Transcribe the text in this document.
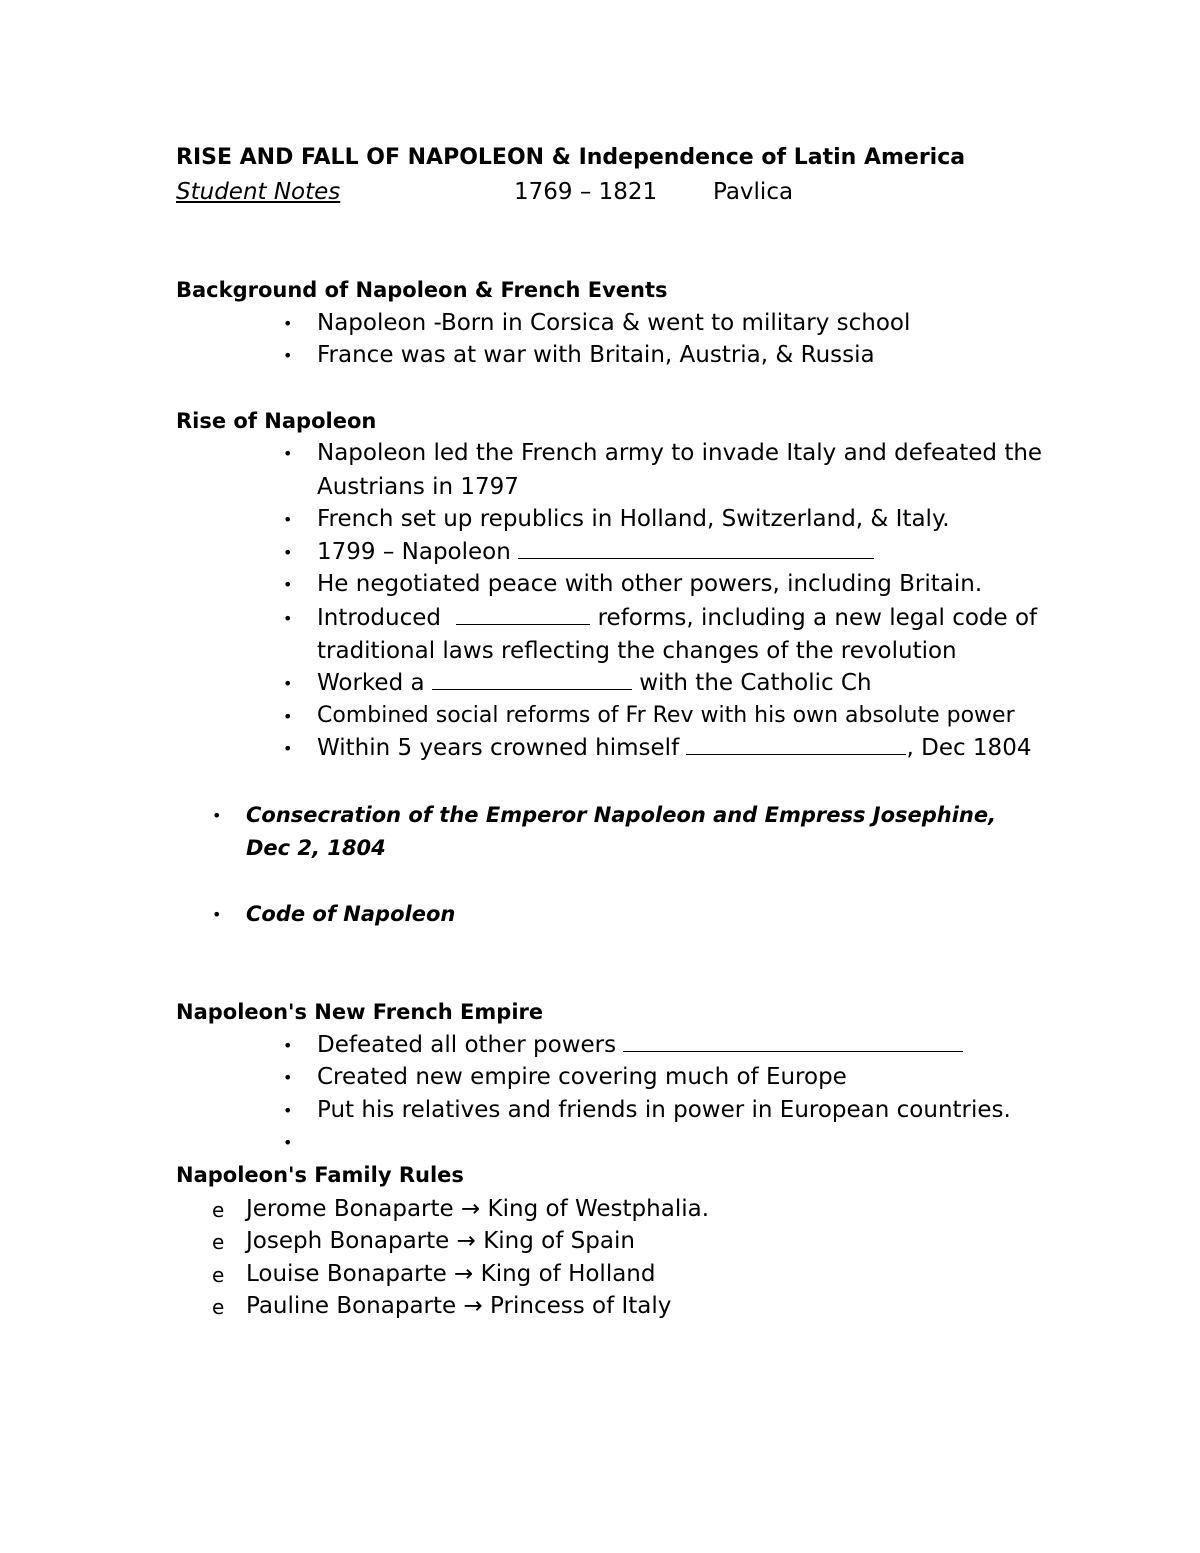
RISE AND FALL OF NAPOLEON & Independence of Latin America
Student Notes	1769 – 1821 Pavlica
Background of Napoleon & French Events
• Napoleon -Born in Corsica & went to military school
• France was at war with Britain, Austria, & Russia
Rise of Napoleon
• Napoleon led the French army to invade Italy and defeated the
Austrians in 1797
• French set up republics in Holland, Switzerland, & Italy.
• 1799 – Napoleon
• He negotiated peace with other powers, including Britain.
• Introduced	reforms, including a new legal code of
traditional laws reflecting the changes of the revolution
• Worked a	with the Catholic Ch
• Combined social reforms of Fr Rev with his own absolute power
• Within 5 years crowned himself	, Dec 1804
• Consecration of the Emperor Napoleon and Empress Josephine,
Dec 2, 1804
• Code of Napoleon
Napoleon's New French Empire
• Defeated all other powers
• Created new empire covering much of Europe
• Put his relatives and friends in power in European countries.
•
Napoleon's Family Rules
e Jerome Bonaparte → King of Westphalia.
e Joseph Bonaparte → King of Spain
e Louise Bonaparte → King of Holland
e Pauline Bonaparte → Princess of Italy
